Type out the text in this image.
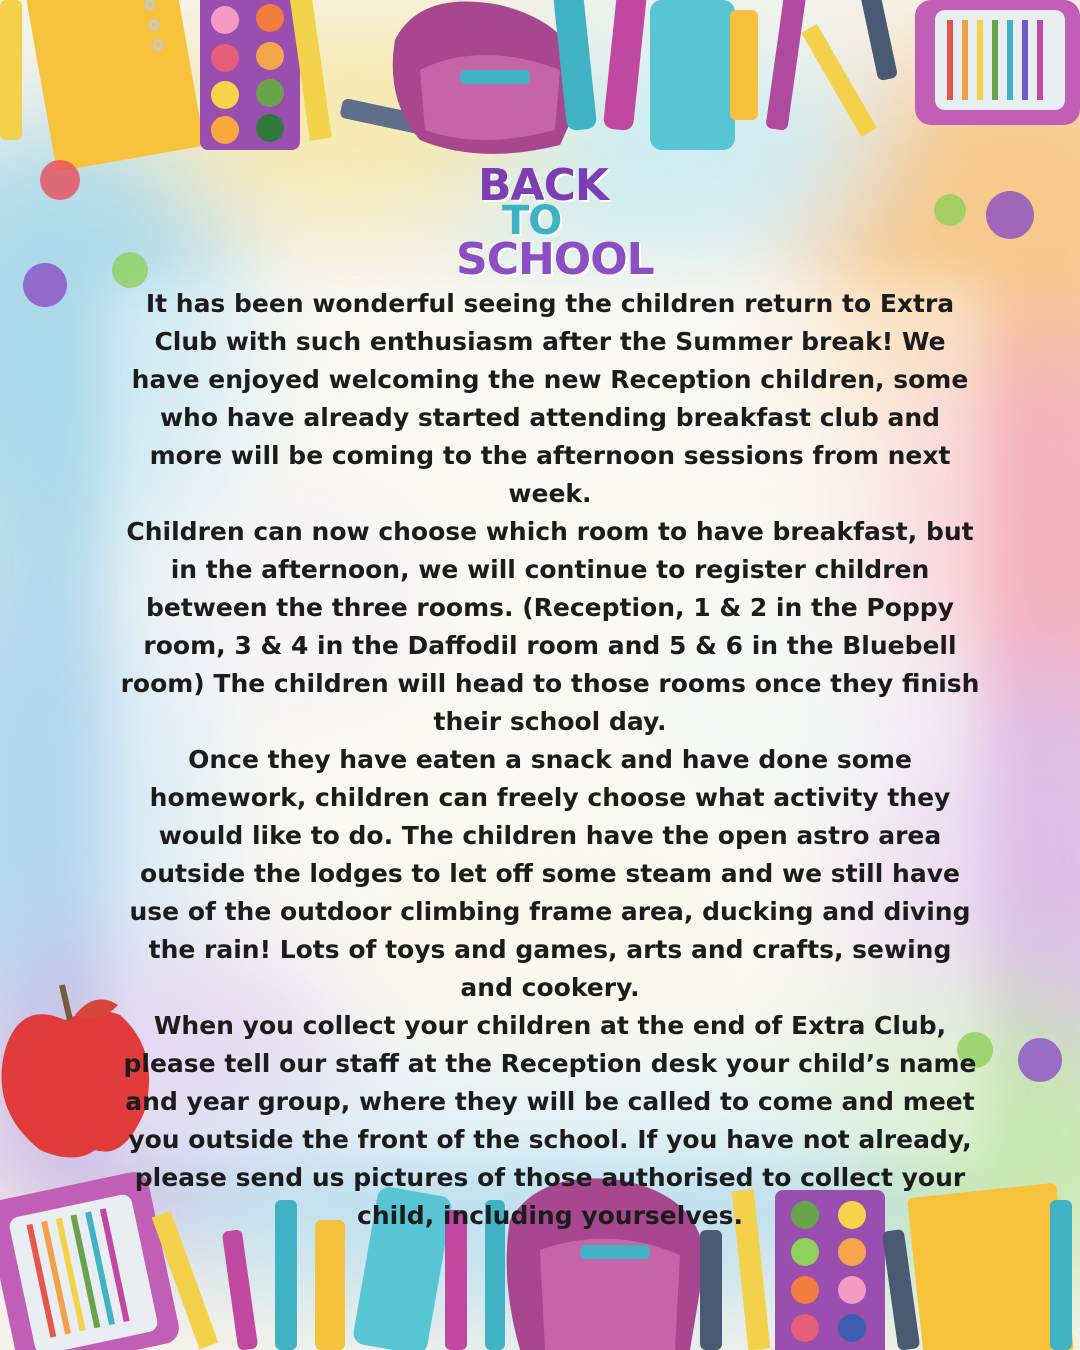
BACK
TO
SCHOOL

It has been wonderful seeing the children return to Extra Club with such enthusiasm after the Summer break! We have enjoyed welcoming the new Reception children, some who have already started attending breakfast club and more will be coming to the afternoon sessions from next week.

Children can now choose which room to have breakfast, but in the afternoon, we will continue to register children between the three rooms. (Reception, 1 & 2 in the Poppy room, 3 & 4 in the Daffodil room and 5 & 6 in the Bluebell room) The children will head to those rooms once they finish their school day.

Once they have eaten a snack and have done some homework, children can freely choose what activity they would like to do. The children have the open astro area outside the lodges to let off some steam and we still have use of the outdoor climbing frame area, ducking and diving the rain! Lots of toys and games, arts and crafts, sewing and cookery.

When you collect your children at the end of Extra Club, please tell our staff at the Reception desk your child’s name and year group, where they will be called to come and meet you outside the front of the school. If you have not already, please send us pictures of those authorised to collect your child, including yourselves.
